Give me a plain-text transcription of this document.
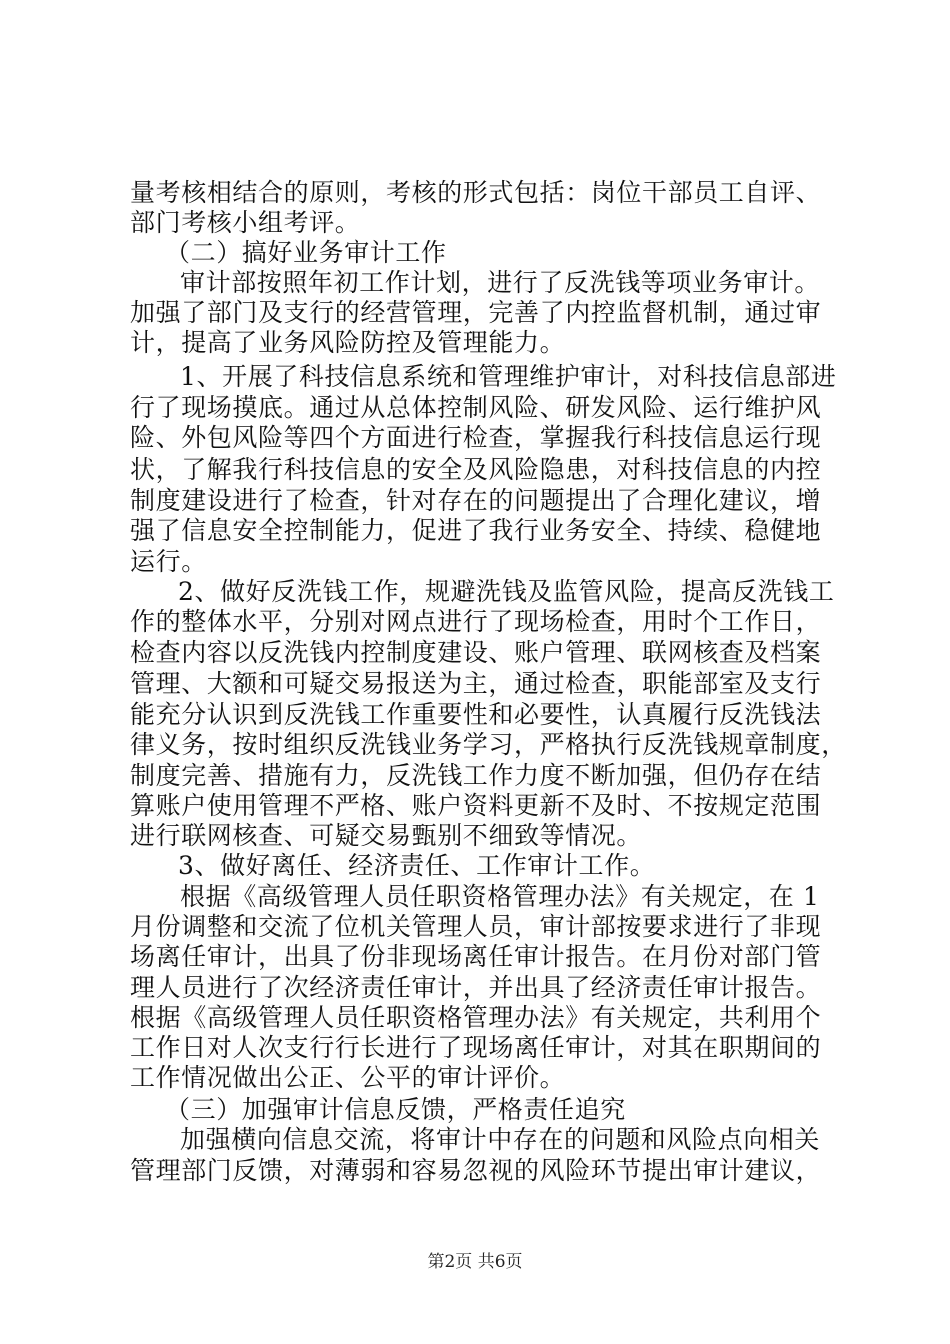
量考核相结合的原则，考核的形式包括：岗位干部员工自评、
部门考核小组考评。
（二）搞好业务审计工作
审计部按照年初工作计划，进行了反洗钱等项业务审计。
加强了部门及支行的经营管理，完善了内控监督机制，通过审
计，提高了业务风险防控及管理能力。
1、开展了科技信息系统和管理维护审计，对科技信息部进
行了现场摸底。通过从总体控制风险、研发风险、运行维护风
险、外包风险等四个方面进行检查，掌握我行科技信息运行现
状，了解我行科技信息的安全及风险隐患，对科技信息的内控
制度建设进行了检查，针对存在的问题提出了合理化建议，增
强了信息安全控制能力，促进了我行业务安全、持续、稳健地
运行。
2、做好反洗钱工作，规避洗钱及监管风险，提高反洗钱工
作的整体水平，分别对网点进行了现场检查，用时个工作日，
检查内容以反洗钱内控制度建设、账户管理、联网核查及档案
管理、大额和可疑交易报送为主，通过检查，职能部室及支行
能充分认识到反洗钱工作重要性和必要性，认真履行反洗钱法
律义务，按时组织反洗钱业务学习，严格执行反洗钱规章制度，
制度完善、措施有力，反洗钱工作力度不断加强，但仍存在结
算账户使用管理不严格、账户资料更新不及时、不按规定范围
进行联网核查、可疑交易甄别不细致等情况。
3、做好离任、经济责任、工作审计工作。
根据《高级管理人员任职资格管理办法》有关规定，在 1
月份调整和交流了位机关管理人员，审计部按要求进行了非现
场离任审计，出具了份非现场离任审计报告。在月份对部门管
理人员进行了次经济责任审计，并出具了经济责任审计报告。
根据《高级管理人员任职资格管理办法》有关规定，共利用个
工作日对人次支行行长进行了现场离任审计，对其在职期间的
工作情况做出公正、公平的审计评价。
（三）加强审计信息反馈，严格责任追究
加强横向信息交流，将审计中存在的问题和风险点向相关
管理部门反馈，对薄弱和容易忽视的风险环节提出审计建议，
第2页 共6页
